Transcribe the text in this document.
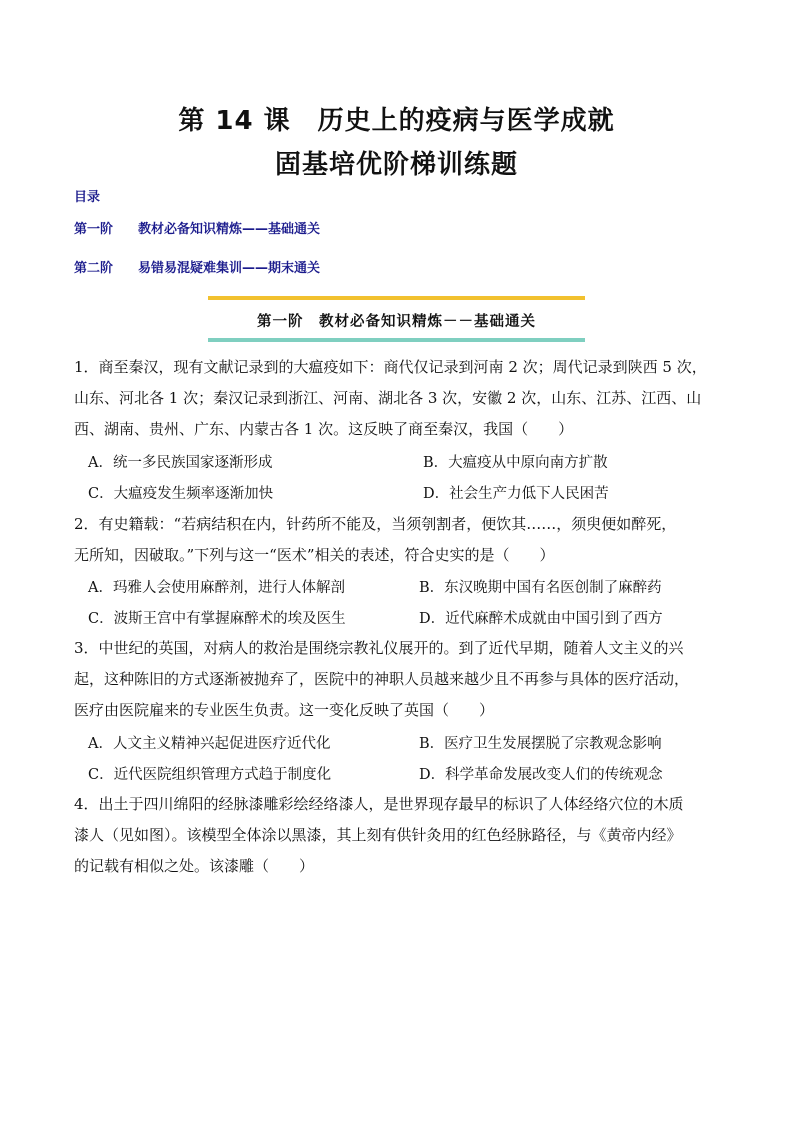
第 14 课　历史上的疫病与医学成就
固基培优阶梯训练题
目录
第一阶 教材必备知识精炼——基础通关
第二阶 易错易混疑难集训——期末通关
第一阶　教材必备知识精炼－－基础通关
1．商至秦汉，现有文献记录到的大瘟疫如下：商代仅记录到河南 2 次；周代记录到陕西 5 次，
山东、河北各 1 次；秦汉记录到浙江、河南、湖北各 3 次，安徽 2 次，山东、江苏、江西、山
西、湖南、贵州、广东、内蒙古各 1 次。这反映了商至秦汉，我国（　　）
A．统一多民族国家逐渐形成	B．大瘟疫从中原向南方扩散
C．大瘟疫发生频率逐渐加快	D．社会生产力低下人民困苦
2．有史籍载：“若病结积在内，针药所不能及，当须刳割者，便饮其……，须臾便如醉死，
无所知，因破取。”下列与这一“医术”相关的表述，符合史实的是（　　）
A．玛雅人会使用麻醉剂，进行人体解剖	B．东汉晚期中国有名医创制了麻醉药
C．波斯王宫中有掌握麻醉术的埃及医生	D．近代麻醉术成就由中国引到了西方
3．中世纪的英国，对病人的救治是围绕宗教礼仪展开的。到了近代早期，随着人文主义的兴
起，这种陈旧的方式逐渐被抛弃了，医院中的神职人员越来越少且不再参与具体的医疗活动，
医疗由医院雇来的专业医生负责。这一变化反映了英国（　　）
A．人文主义精神兴起促进医疗近代化	B．医疗卫生发展摆脱了宗教观念影响
C．近代医院组织管理方式趋于制度化	D．科学革命发展改变人们的传统观念
4．出土于四川绵阳的经脉漆雕彩绘经络漆人，是世界现存最早的标识了人体经络穴位的木质
漆人（见如图）。该模型全体涂以黑漆，其上刻有供针灸用的红色经脉路径，与《黄帝内经》
的记载有相似之处。该漆雕（　　）
